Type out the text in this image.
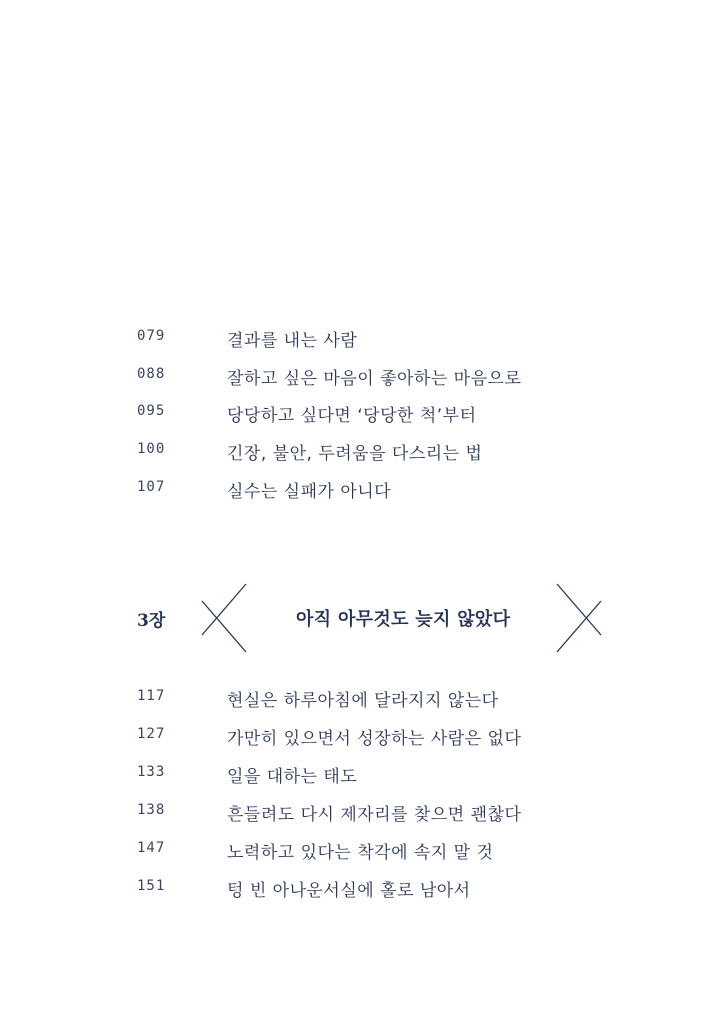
079	결과를 내는 사람
088	잘하고 싶은 마음이 좋아하는 마음으로
095	당당하고 싶다면 ‘당당한 척’부터
100	긴장, 불안, 두려움을 다스리는 법
107	실수는 실패가 아니다
3장	아직 아무것도 늦지 않았다
117	현실은 하루아침에 달라지지 않는다
127	가만히 있으면서 성장하는 사람은 없다
133	일을 대하는 태도
138	흔들려도 다시 제자리를 찾으면 괜찮다
147	노력하고 있다는 착각에 속지 말 것
151	텅 빈 아나운서실에 홀로 남아서
